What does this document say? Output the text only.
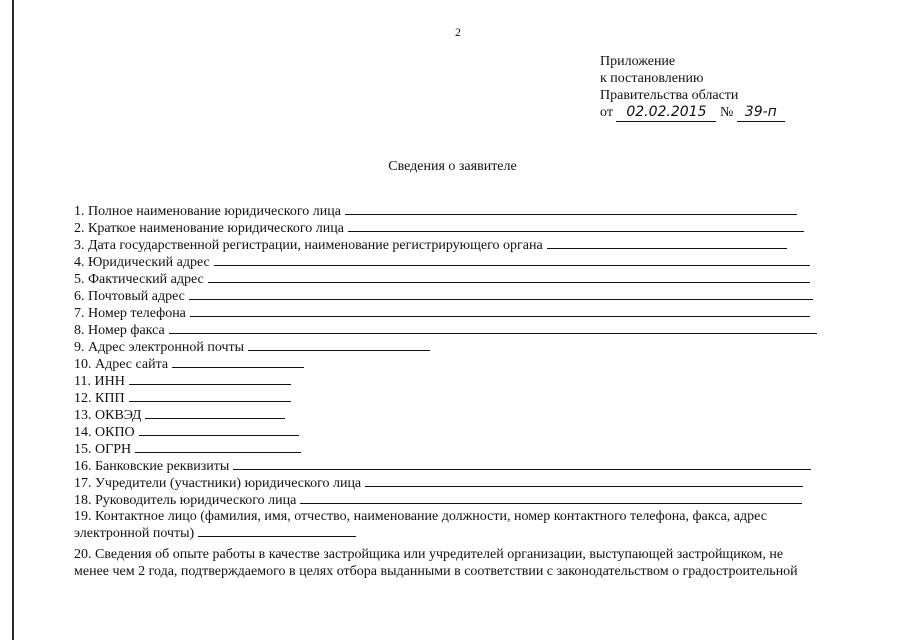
2
Приложение
к постановлению
Правительства области
от 02.02.2015 № 39-п
Сведения о заявителе
1. Полное наименование юридического лица
2. Краткое наименование юридического лица
3. Дата государственной регистрации, наименование регистрирующего органа
4. Юридический адрес
5. Фактический адрес
6. Почтовый адрес
7. Номер телефона
8. Номер факса
9. Адрес электронной почты
10. Адрес сайта
11. ИНН
12. КПП
13. ОКВЭД
14. ОКПО
15. ОГРН
16. Банковские реквизиты
17. Учредители (участники) юридического лица
18. Руководитель юридического лица
19. Контактное лицо (фамилия, имя, отчество, наименование должности, номер контактного телефона, факса, адрес
электронной почты)
20. Сведения об опыте работы в качестве застройщика или учредителей организации, выступающей застройщиком, не
менее чем 2 года, подтверждаемого в целях отбора выданными в соответствии с законодательством о градостроительной
